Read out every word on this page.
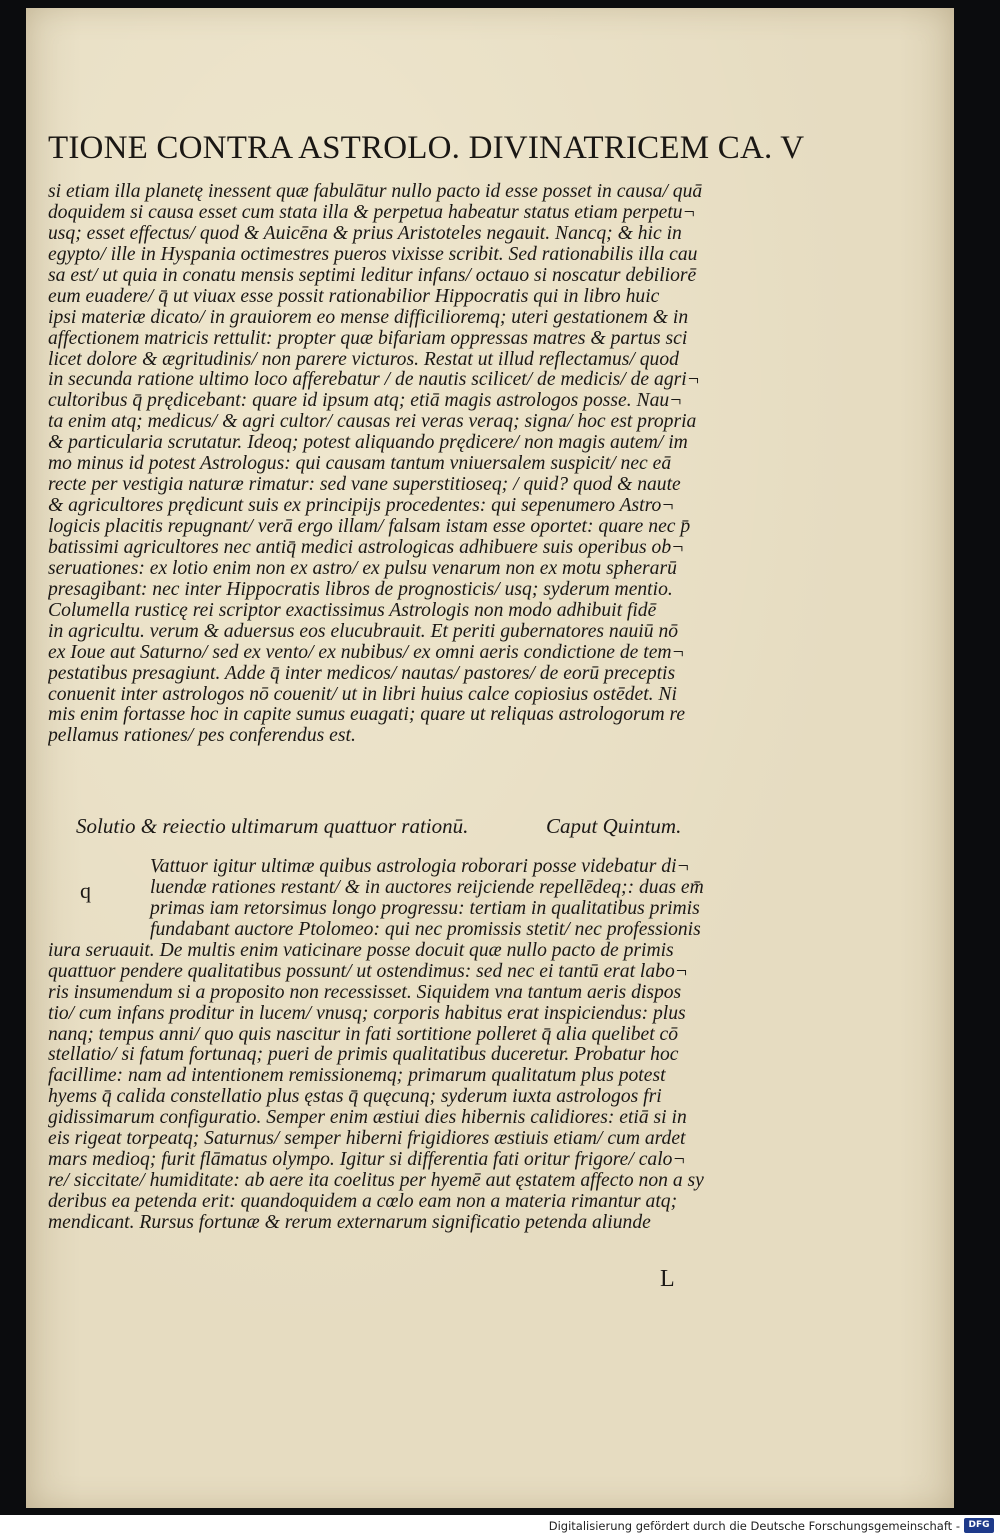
TIONE CONTRA ASTROLO. DIVINATRICEM CA. V
si etiam illa planetę inessent quæ fabulātur nullo pacto id esse posset in causa/ quā
doquidem si causa esset cum stata illa & perpetua habeatur status etiam perpetu¬
usq; esset effectus/ quod & Auicēna & prius Aristoteles negauit. Nancq; & hic in
egypto/ ille in Hyspania octimestres pueros vixisse scribit. Sed rationabilis illa cau
sa est/ ut quia in conatu mensis septimi leditur infans/ octauo si noscatur debiliorē
eum euadere/ q̄ ut viuax esse possit rationabilior Hippocratis qui in libro huic
ipsi materiæ dicato/ in grauiorem eo mense difficilioremq; uteri gestationem & in
affectionem matricis rettulit: propter quæ bifariam oppressas matres & partus sci
licet dolore & ægritudinis/ non parere victuros. Restat ut illud reflectamus/ quod
in secunda ratione ultimo loco afferebatur / de nautis scilicet/ de medicis/ de agri¬
cultoribus q̄ prędicebant: quare id ipsum atq; etiā magis astrologos posse. Nau¬
ta enim atq; medicus/ & agri cultor/ causas rei veras veraq; signa/ hoc est propria
& particularia scrutatur. Ideoq; potest aliquando prędicere/ non magis autem/ im
mo minus id potest Astrologus: qui causam tantum vniuersalem suspicit/ nec eā
recte per vestigia naturæ rimatur: sed vane superstitioseq; / quid? quod & naute
& agricultores prędicunt suis ex principijs procedentes: qui sepenumero Astro¬
logicis placitis repugnant/ verā ergo illam/ falsam istam esse oportet: quare nec p̄
batissimi agricultores nec antiq̄ medici astrologicas adhibuere suis operibus ob¬
seruationes: ex lotio enim non ex astro/ ex pulsu venarum non ex motu spherarū
presagibant: nec inter Hippocratis libros de prognosticis/ usq; syderum mentio.
Columella rusticę rei scriptor exactissimus Astrologis non modo adhibuit fidē
in agricultu. verum & aduersus eos elucubrauit. Et periti gubernatores nauiū nō
ex Ioue aut Saturno/ sed ex vento/ ex nubibus/ ex omni aeris condictione de tem¬
pestatibus presagiunt. Adde q̄ inter medicos/ nautas/ pastores/ de eorū preceptis
conuenit inter astrologos nō couenit/ ut in libri huius calce copiosius ostēdet. Ni
mis enim fortasse hoc in capite sumus euagati; quare ut reliquas astrologorum re
pellamus rationes/ pes conferendus est.
Solutio & reiectio ultimarum quattuor rationū.	Caput Quintum.
q
Vattuor igitur ultimæ quibus astrologia roborari posse videbatur di¬
luendæ rationes restant/ & in auctores reijciende repellēdeq;: duas em̄
primas iam retorsimus longo progressu: tertiam in qualitatibus primis
fundabant auctore Ptolomeo: qui nec promissis stetit/ nec professionis
iura seruauit. De multis enim vaticinare posse docuit quæ nullo pacto de primis
quattuor pendere qualitatibus possunt/ ut ostendimus: sed nec ei tantū erat labo¬
ris insumendum si a proposito non recessisset. Siquidem vna tantum aeris dispos
tio/ cum infans proditur in lucem/ vnusq; corporis habitus erat inspiciendus: plus
nanq; tempus anni/ quo quis nascitur in fati sortitione polleret q̄ alia quelibet cō
stellatio/ si fatum fortunaq; pueri de primis qualitatibus duceretur. Probatur hoc
facillime: nam ad intentionem remissionemq; primarum qualitatum plus potest
hyems q̄ calida constellatio plus ęstas q̄ quęcunq; syderum iuxta astrologos fri
gidissimarum configuratio. Semper enim æstiui dies hibernis calidiores: etiā si in
eis rigeat torpeatq; Saturnus/ semper hiberni frigidiores æstiuis etiam/ cum ardet
mars medioq; furit flāmatus olympo. Igitur si differentia fati oritur frigore/ calo¬
re/ siccitate/ humiditate: ab aere ita coelitus per hyemē aut ęstatem affecto non a sy
deribus ea petenda erit: quandoquidem a cœlo eam non a materia rimantur atq;
mendicant. Rursus fortunæ & rerum externarum significatio petenda aliunde
L
Digitalisierung gefördert durch die Deutsche Forschungsgemeinschaft - DFG
